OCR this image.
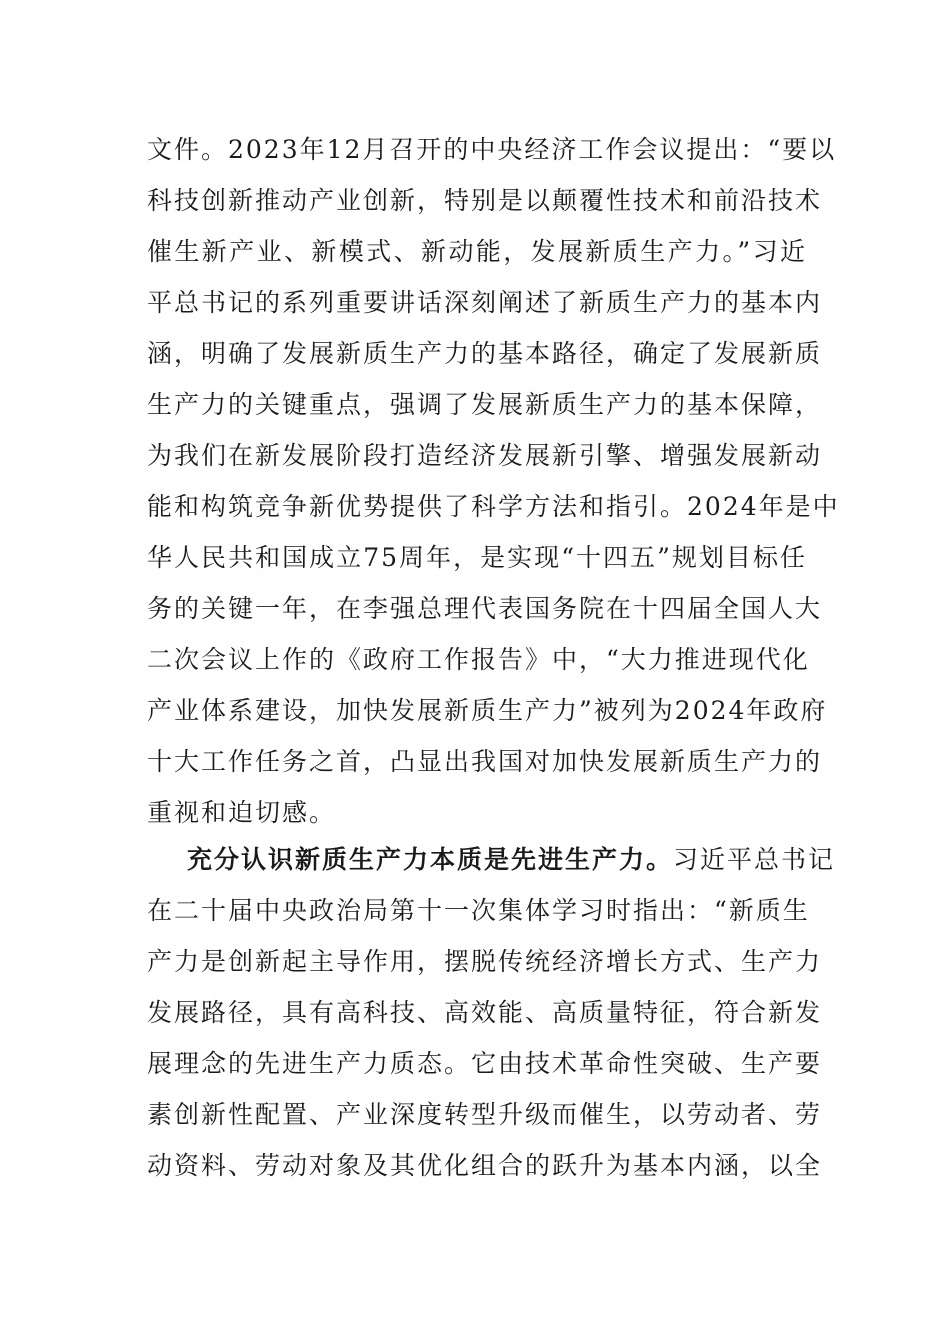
文件。2023年12月召开的中央经济工作会议提出：“要以
科技创新推动产业创新，特别是以颠覆性技术和前沿技术
催生新产业、新模式、新动能，发展新质生产力。”习近
平总书记的系列重要讲话深刻阐述了新质生产力的基本内
涵，明确了发展新质生产力的基本路径，确定了发展新质
生产力的关键重点，强调了发展新质生产力的基本保障，
为我们在新发展阶段打造经济发展新引擎、增强发展新动
能和构筑竞争新优势提供了科学方法和指引。2024年是中
华人民共和国成立75周年，是实现“十四五”规划目标任
务的关键一年，在李强总理代表国务院在十四届全国人大
二次会议上作的《政府工作报告》中，“大力推进现代化
产业体系建设，加快发展新质生产力”被列为2024年政府
十大工作任务之首，凸显出我国对加快发展新质生产力的
重视和迫切感。
充分认识新质生产力本质是先进生产力。习近平总书记
在二十届中央政治局第十一次集体学习时指出：“新质生
产力是创新起主导作用，摆脱传统经济增长方式、生产力
发展路径，具有高科技、高效能、高质量特征，符合新发
展理念的先进生产力质态。它由技术革命性突破、生产要
素创新性配置、产业深度转型升级而催生，以劳动者、劳
动资料、劳动对象及其优化组合的跃升为基本内涵，以全
